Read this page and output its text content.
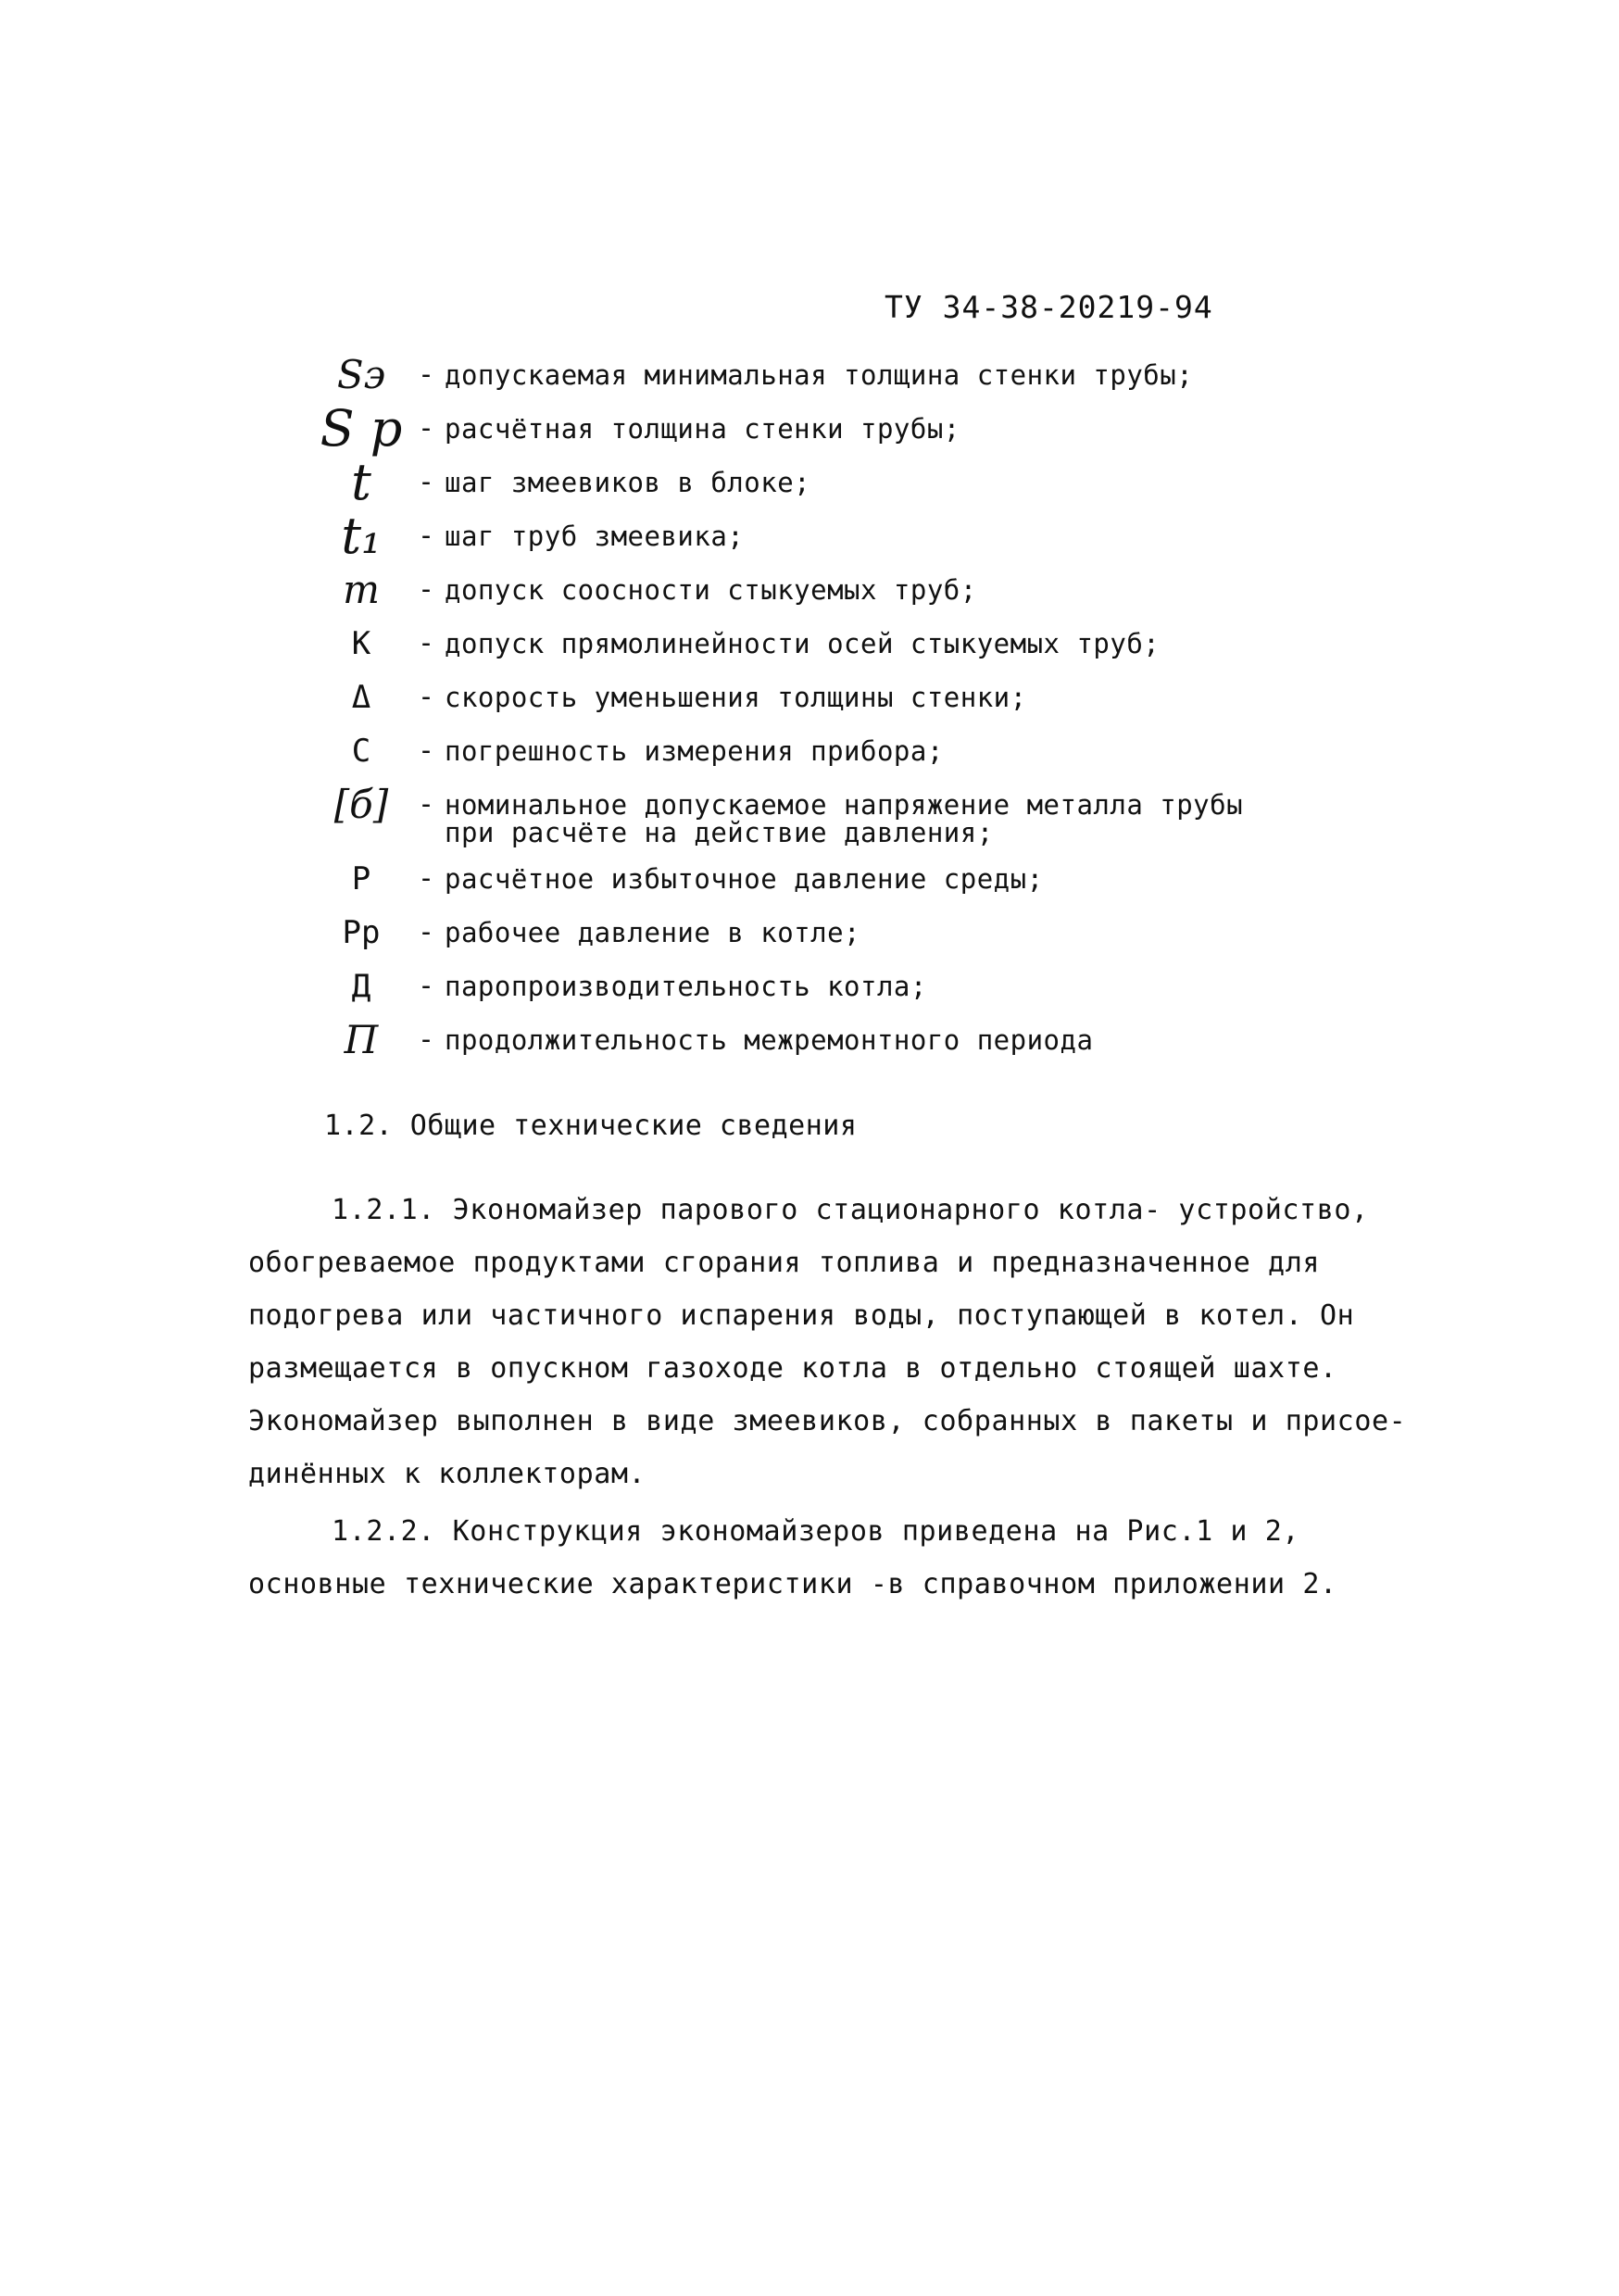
ТУ 34-38-20219-94
Sэ	- допускаемая минимальная толщина стенки трубы;
S р - расчётная толщина стенки трубы;
t	- шаг змеевиков в блоке;
t₁	- шаг труб змеевика;
m	- допуск соосности стыкуемых труб;
К	- допуск прямолинейности осей стыкуемых труб;
Δ	- скорость уменьшения толщины стенки;
С	- погрешность измерения прибора;
[б]	- номинальное допускаемое напряжение металла трубы
при расчёте на действие давления;
Р	- расчётное избыточное давление среды;
Рр	- рабочее давление в котле;
Д	- паропроизводительность котла;
П	- продолжительность межремонтного периода
1.2. Общие технические сведения
1.2.1. Экономайзер парового стационарного котла- устройство,
обогреваемое продуктами сгорания топлива и предназначенное для
подогрева или частичного испарения воды, поступающей в котел. Он
размещается в опускном газоходе котла в отдельно стоящей шахте.
Экономайзер выполнен в виде змеевиков, собранных в пакеты и присое-
динённых к коллекторам.
1.2.2. Конструкция экономайзеров приведена на Рис.1 и 2,
основные технические характеристики -в справочном приложении 2.
